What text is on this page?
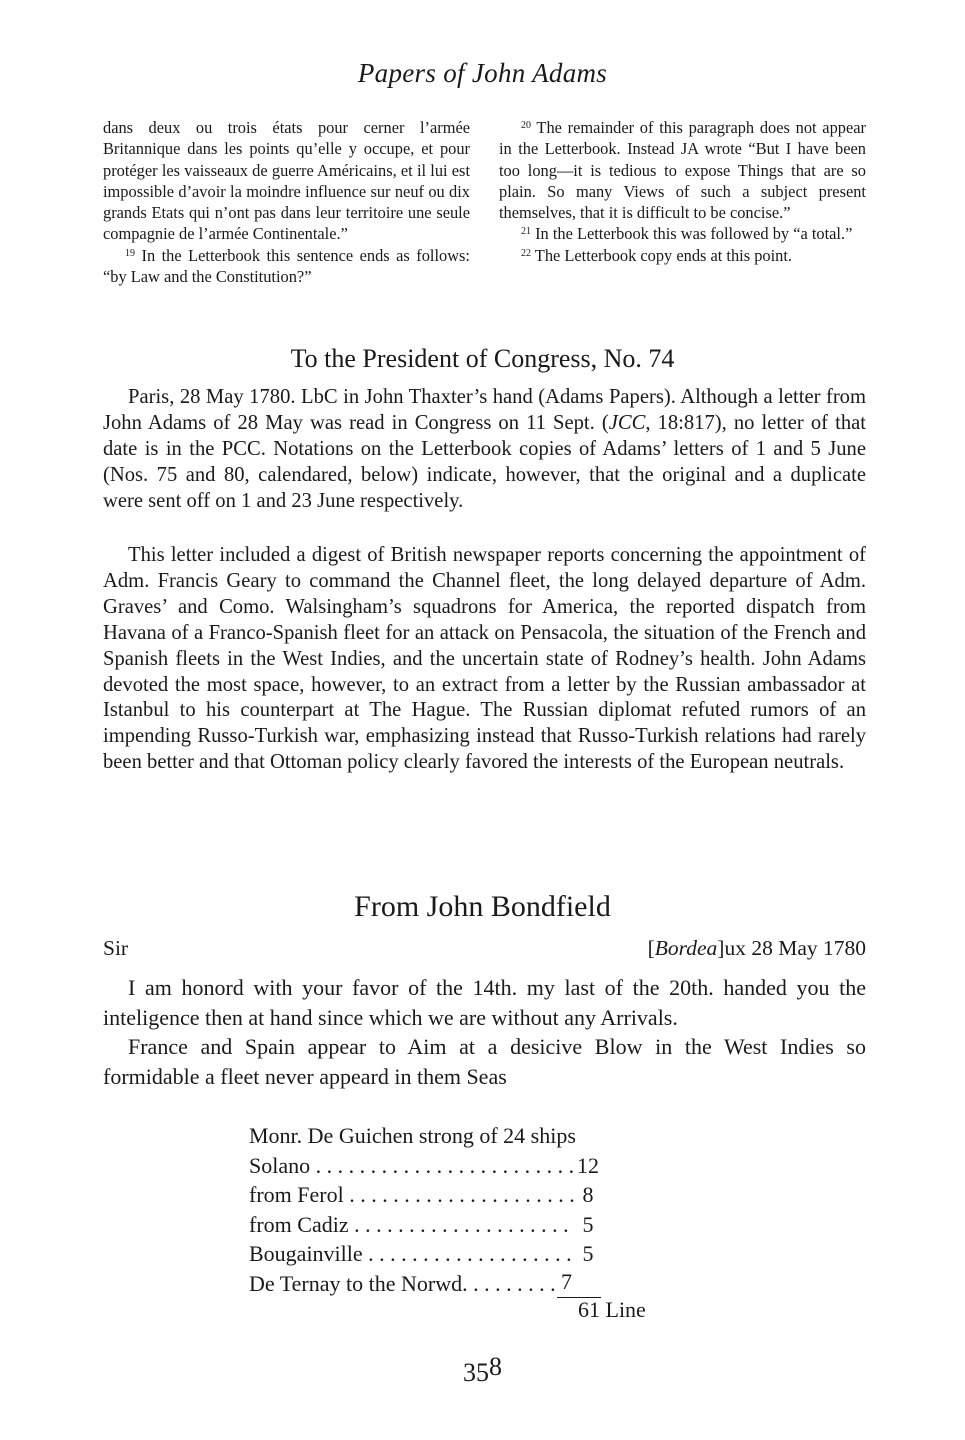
Papers of John Adams

dans deux ou trois états pour cerner l’armée Britannique dans les points qu’elle y occupe, et pour protéger les vaisseaux de guerre Américains, et il lui est impossible d’avoir la moindre influence sur neuf ou dix grands Etats qui n’ont pas dans leur territoire une seule compagnie de l’armée Continentale.”

$^{19}$ In the Letterbook this sentence ends as follows: “by Law and the Constitution?”

$^{20}$ The remainder of this paragraph does not appear in the Letterbook. Instead JA wrote “But I have been too long—it is tedious to expose Things that are so plain. So many Views of such a subject present themselves, that it is difficult to be concise.”

$^{21}$ In the Letterbook this was followed by “a total.”

$^{22}$ The Letterbook copy ends at this point.

To the President of Congress, No. 74

Paris, 28 May 1780. LbC in John Thaxter’s hand (Adams Papers). Although a letter from John Adams of 28 May was read in Congress on 11 Sept. (JCC, 18:817), no letter of that date is in the PCC. Notations on the Letterbook copies of Adams’ letters of 1 and 5 June (Nos. 75 and 80, calendared, below) indicate, however, that the original and a duplicate were sent off on 1 and 23 June respectively.

This letter included a digest of British newspaper reports concerning the appointment of Adm. Francis Geary to command the Channel fleet, the long delayed departure of Adm. Graves’ and Como. Walsingham’s squadrons for America, the reported dispatch from Havana of a Franco-Spanish fleet for an attack on Pensacola, the situation of the French and Spanish fleets in the West Indies, and the uncertain state of Rodney’s health. John Adams devoted the most space, however, to an extract from a letter by the Russian ambassador at Istanbul to his counterpart at The Hague. The Russian diplomat refuted rumors of an impending Russo-Turkish war, emphasizing instead that Russo-Turkish relations had rarely been better and that Ottoman policy clearly favored the interests of the European neutrals.

From John Bondfield
Sir	[Bordea]ux 28 May 1780

I am honord with your favor of the 14th. my last of the 20th. handed you the inteligence then at hand since which we are without any Arrivals.

France and Spain appear to Aim at a desicive Blow in the West Indies so formidable a fleet never appeard in them Seas

Monr. De Guichen strong of 24 ships
Solano . . .	12
from Ferol . . .	8
from Cadiz . . .	5
Bougainville . . .	5
De Ternay to the Norwd. . . .	7
61 Line
358
